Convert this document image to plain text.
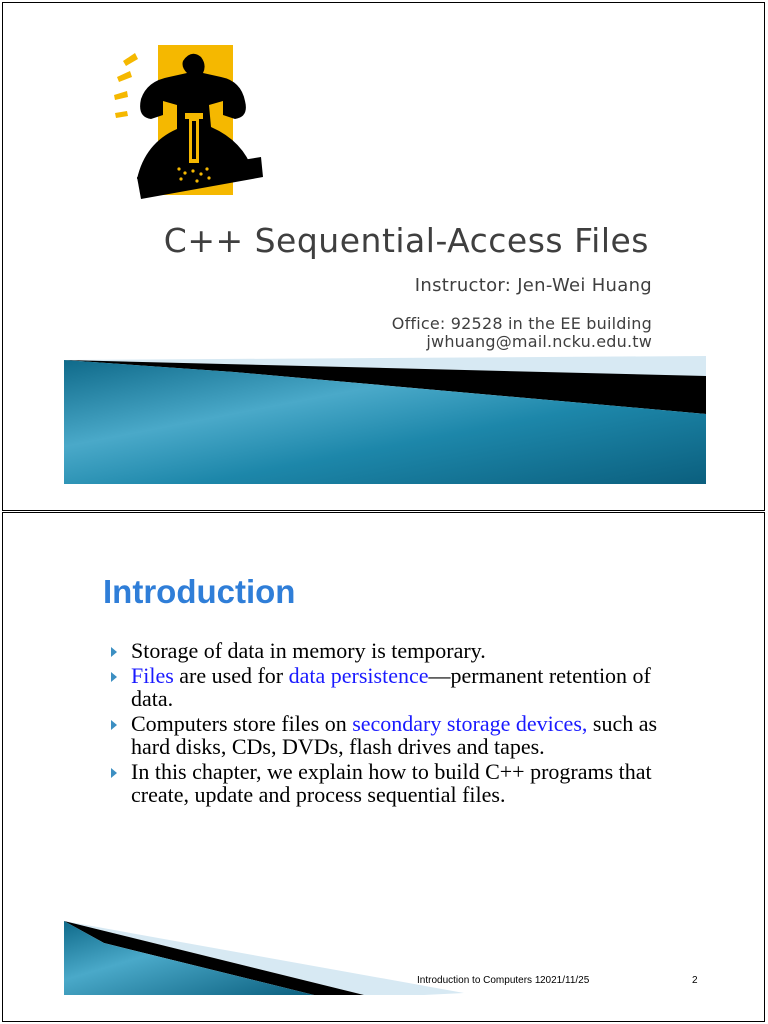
C++ Sequential-Access Files
Instructor: Jen-Wei Huang
Office: 92528 in the EE building
jwhuang@mail.ncku.edu.tw
Introduction
Storage of data in memory is temporary.
Files are used for data persistence—permanent retention of data.
Computers store files on secondary storage devices, such as hard disks, CDs, DVDs, flash drives and tapes.
In this chapter, we explain how to build C++ programs that create, update and process sequential files.
Introduction to Computers 1 2021/11/25	2
